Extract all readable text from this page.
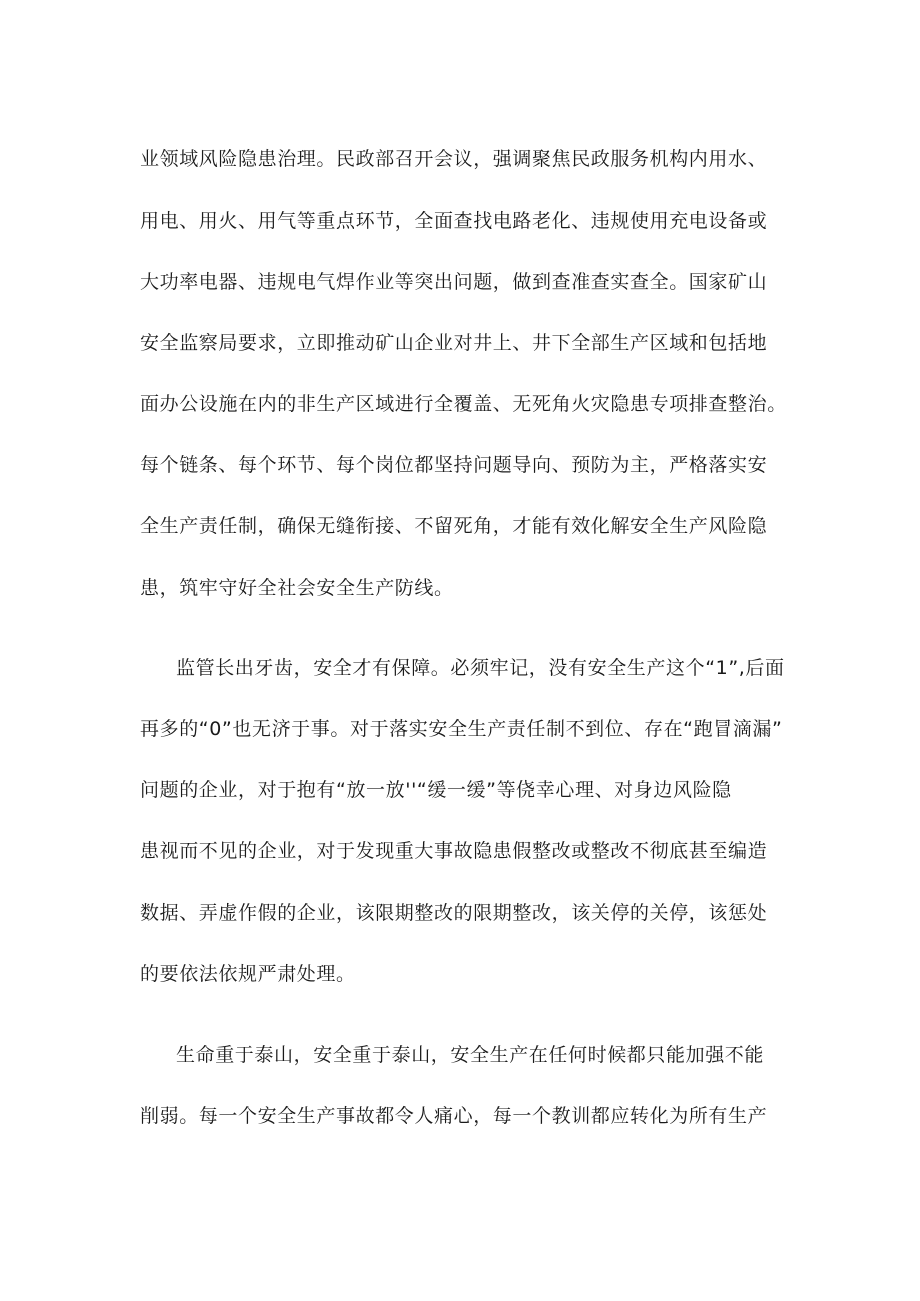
业领域风险隐患治理。民政部召开会议，强调聚焦民政服务机构内用水、
用电、用火、用气等重点环节，全面查找电路老化、违规使用充电设备或
大功率电器、违规电气焊作业等突出问题，做到查准查实查全。国家矿山
安全监察局要求，立即推动矿山企业对井上、井下全部生产区域和包括地
面办公设施在内的非生产区域进行全覆盖、无死角火灾隐患专项排查整治。
每个链条、每个环节、每个岗位都坚持问题导向、预防为主，严格落实安
全生产责任制，确保无缝衔接、不留死角，才能有效化解安全生产风险隐
患，筑牢守好全社会安全生产防线。
监管长出牙齿，安全才有保障。必须牢记，没有安全生产这个“1”,后面
再多的“0”也无济于事。对于落实安全生产责任制不到位、存在“跑冒滴漏”
问题的企业，对于抱有“放一放''“缓一缓”等侥幸心理、对身边风险隐
患视而不见的企业，对于发现重大事故隐患假整改或整改不彻底甚至编造
数据、弄虚作假的企业，该限期整改的限期整改，该关停的关停，该惩处
的要依法依规严肃处理。
生命重于泰山，安全重于泰山，安全生产在任何时候都只能加强不能
削弱。每一个安全生产事故都令人痛心，每一个教训都应转化为所有生产
